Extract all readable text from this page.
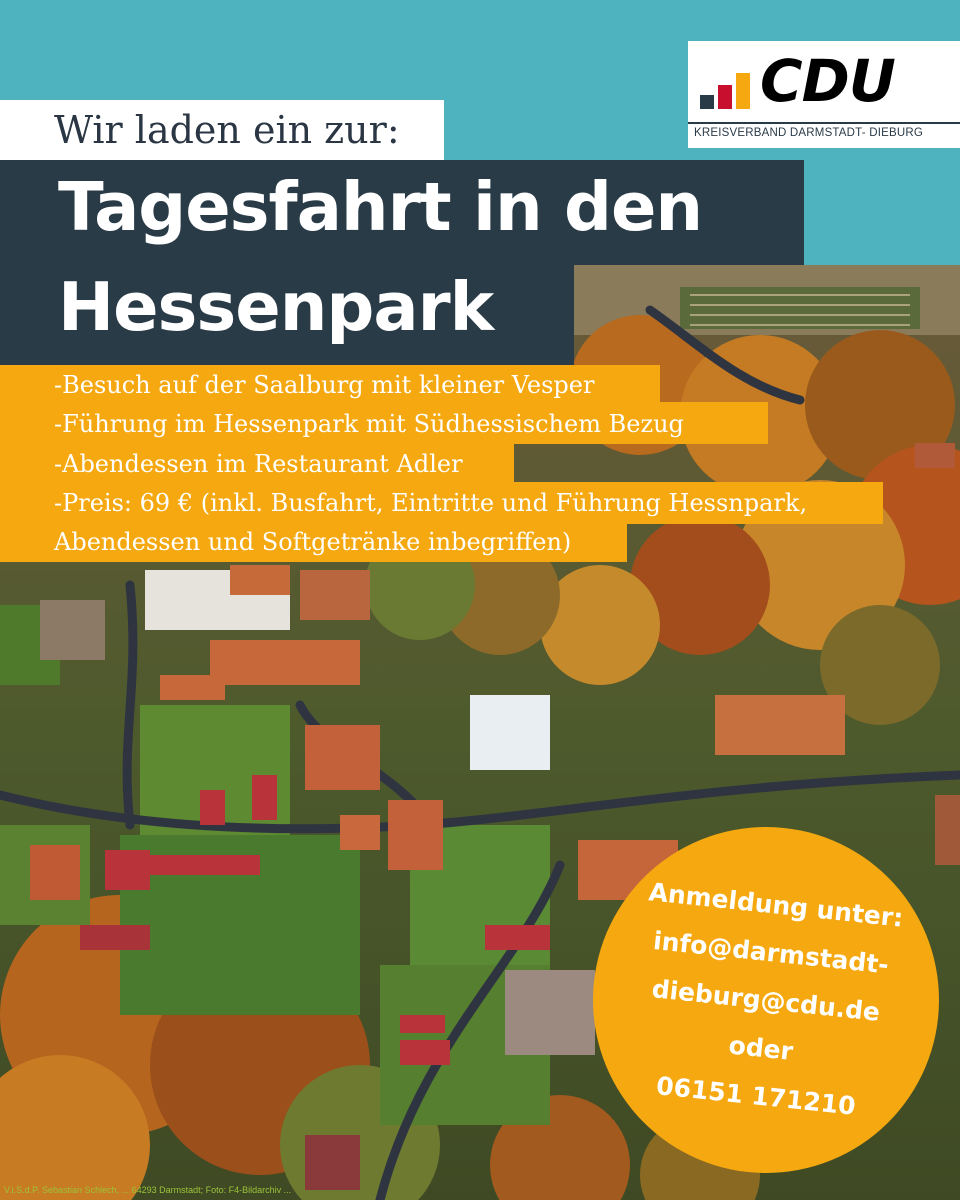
CDU
KREISVERBAND DARMSTADT- DIEBURG
Wir laden ein zur:
Tagesfahrt in den
Hessenpark
-Besuch auf der Saalburg mit kleiner Vesper
-Führung im Hessenpark mit Südhessischem Bezug
-Abendessen im Restaurant Adler
-Preis: 69 € (inkl. Busfahrt, Eintritte und Führung Hessnpark,
Abendessen und Softgetränke inbegriffen)
Anmeldung unter:
info@darmstadt-
dieburg@cdu.de
oder
06151 171210
V.i.S.d.P. Sebastian Schlech, ... 64293 Darmstadt; Foto: F4-Bildarchiv ...
